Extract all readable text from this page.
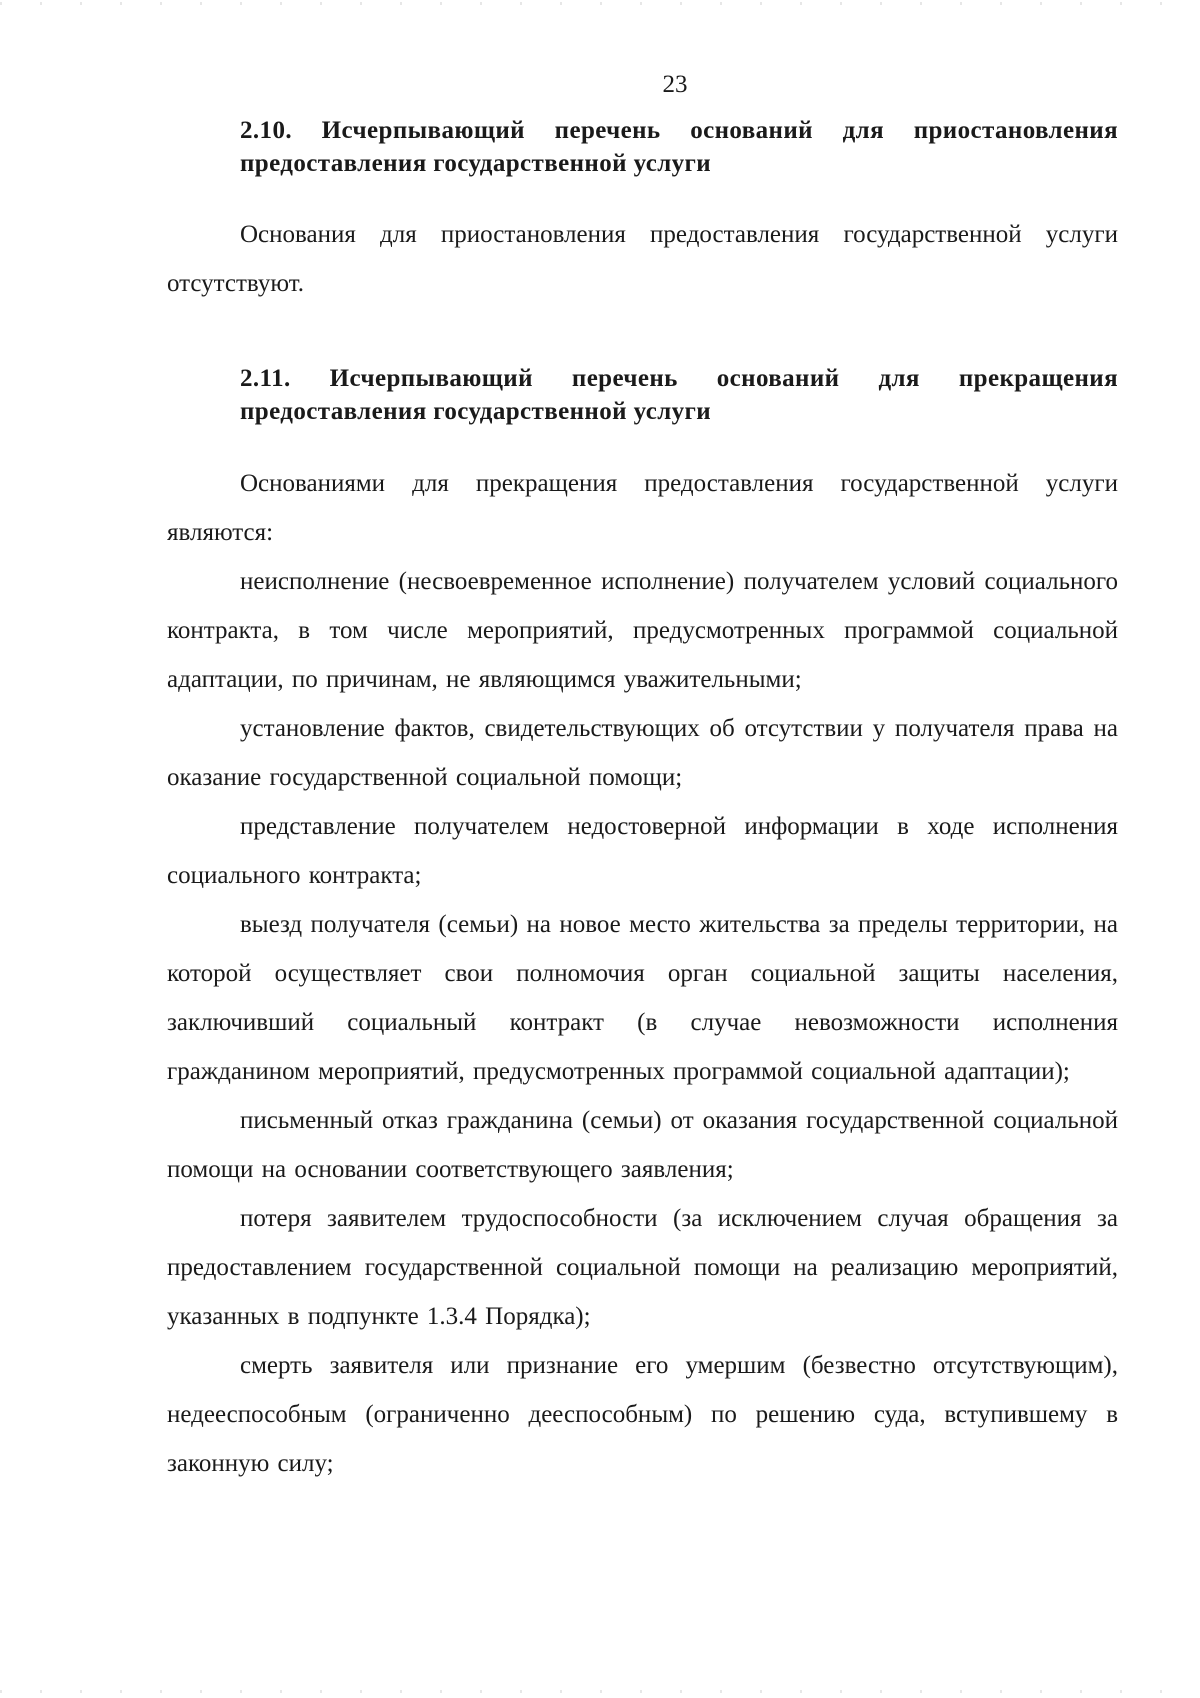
23
2.10. Исчерпывающий перечень оснований для приостановления
предоставления государственной услуги

Основания для приостановления предоставления государственной услуги отсутствуют.

2.11. Исчерпывающий перечень оснований для прекращения
предоставления государственной услуги

Основаниями для прекращения предоставления государственной услуги являются:

неисполнение (несвоевременное исполнение) получателем условий социального контракта, в том числе мероприятий, предусмотренных программой социальной адаптации, по причинам, не являющимся уважительными;

установление фактов, свидетельствующих об отсутствии у получателя права на оказание государственной социальной помощи;

представление получателем недостоверной информации в ходе исполнения социального контракта;

выезд получателя (семьи) на новое место жительства за пределы территории, на которой осуществляет свои полномочия орган социальной защиты населения, заключивший социальный контракт (в случае невозможности исполнения гражданином мероприятий, предусмотренных программой социальной адаптации);

письменный отказ гражданина (семьи) от оказания государственной социальной помощи на основании соответствующего заявления;

потеря заявителем трудоспособности (за исключением случая обращения за предоставлением государственной социальной помощи на реализацию мероприятий, указанных в подпункте 1.3.4 Порядка);

смерть заявителя или признание его умершим (безвестно отсутствующим), недееспособным (ограниченно дееспособным) по решению суда, вступившему в законную силу;
